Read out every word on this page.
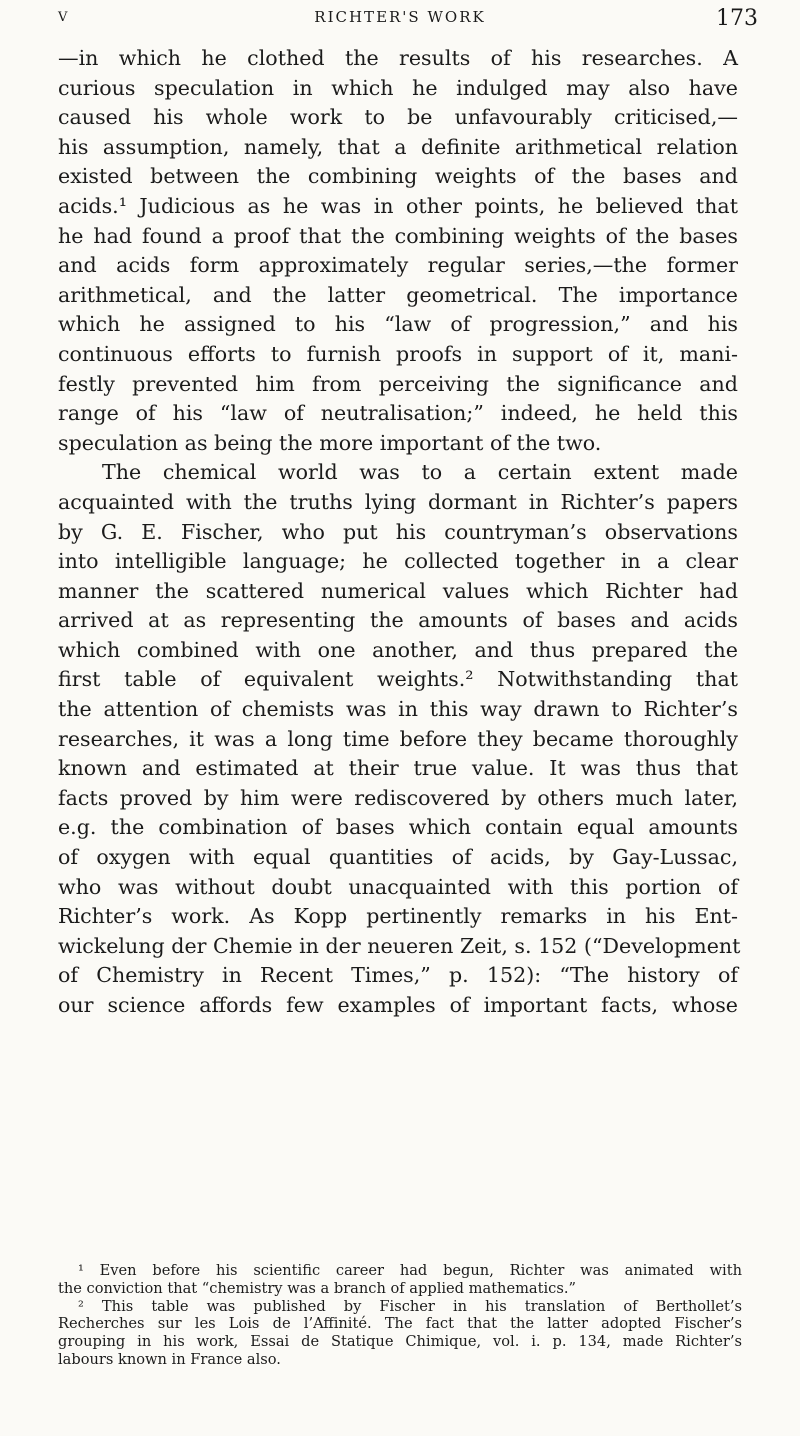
V	RICHTER'S WORK	173
—in which he clothed the results of his researches. A
curious speculation in which he indulged may also have
caused his whole work to be unfavourably criticised,—
his assumption, namely, that a definite arithmetical relation
existed between the combining weights of the bases and
acids.¹ Judicious as he was in other points, he believed that
he had found a proof that the combining weights of the bases
and acids form approximately regular series,—the former
arithmetical, and the latter geometrical. The importance
which he assigned to his “law of progression,” and his
continuous efforts to furnish proofs in support of it, mani-
festly prevented him from perceiving the significance and
range of his “law of neutralisation;” indeed, he held this
speculation as being the more important of the two.
The chemical world was to a certain extent made
acquainted with the truths lying dormant in Richter’s papers
by G. E. Fischer, who put his countryman’s observations
into intelligible language; he collected together in a clear
manner the scattered numerical values which Richter had
arrived at as representing the amounts of bases and acids
which combined with one another, and thus prepared the
first table of equivalent weights.² Notwithstanding that
the attention of chemists was in this way drawn to Richter’s
researches, it was a long time before they became thoroughly
known and estimated at their true value. It was thus that
facts proved by him were rediscovered by others much later,
e.g. the combination of bases which contain equal amounts
of oxygen with equal quantities of acids, by Gay-Lussac,
who was without doubt unacquainted with this portion of
Richter’s work. As Kopp pertinently remarks in his Ent-
wickelung der Chemie in der neueren Zeit, s. 152 (“Development
of Chemistry in Recent Times,” p. 152): “The history of
our science affords few examples of important facts, whose
¹ Even before his scientific career had begun, Richter was animated with
the conviction that “chemistry was a branch of applied mathematics.”
² This table was published by Fischer in his translation of Berthollet’s
Recherches sur les Lois de l’Affinité. The fact that the latter adopted Fischer’s
grouping in his work, Essai de Statique Chimique, vol. i. p. 134, made Richter’s
labours known in France also.
